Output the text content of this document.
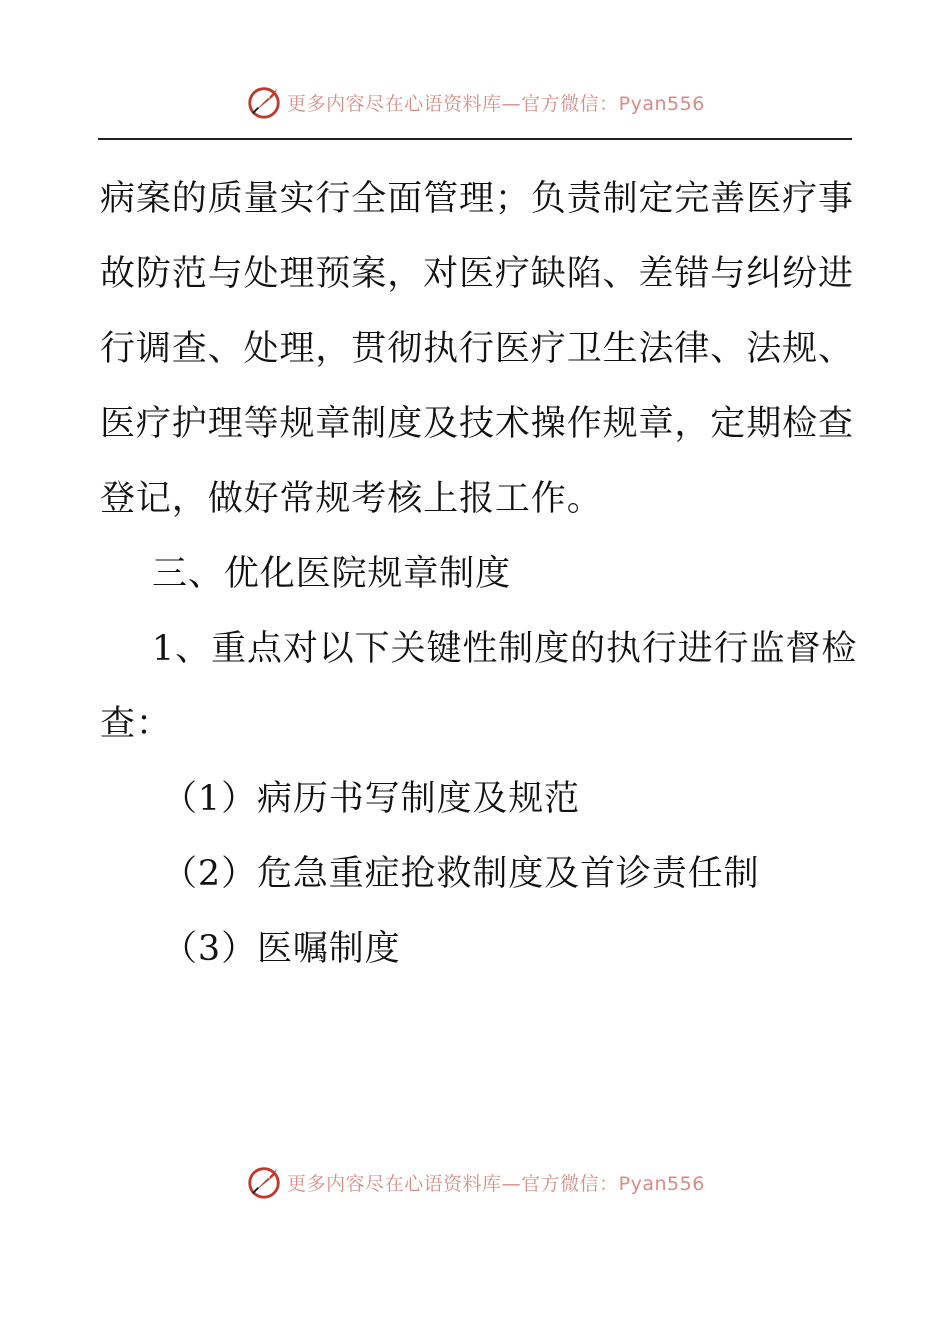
更多内容尽在心语资料库—官方微信：Pyan556
病案的质量实行全面管理；负责制定完善医疗事
故防范与处理预案，对医疗缺陷、差错与纠纷进
行调查、处理，贯彻执行医疗卫生法律、法规、
医疗护理等规章制度及技术操作规章，定期检查
登记，做好常规考核上报工作。
三、优化医院规章制度
1、重点对以下关键性制度的执行进行监督检
查：
（1）病历书写制度及规范
（2）危急重症抢救制度及首诊责任制
（3）医嘱制度
更多内容尽在心语资料库—官方微信：Pyan556
